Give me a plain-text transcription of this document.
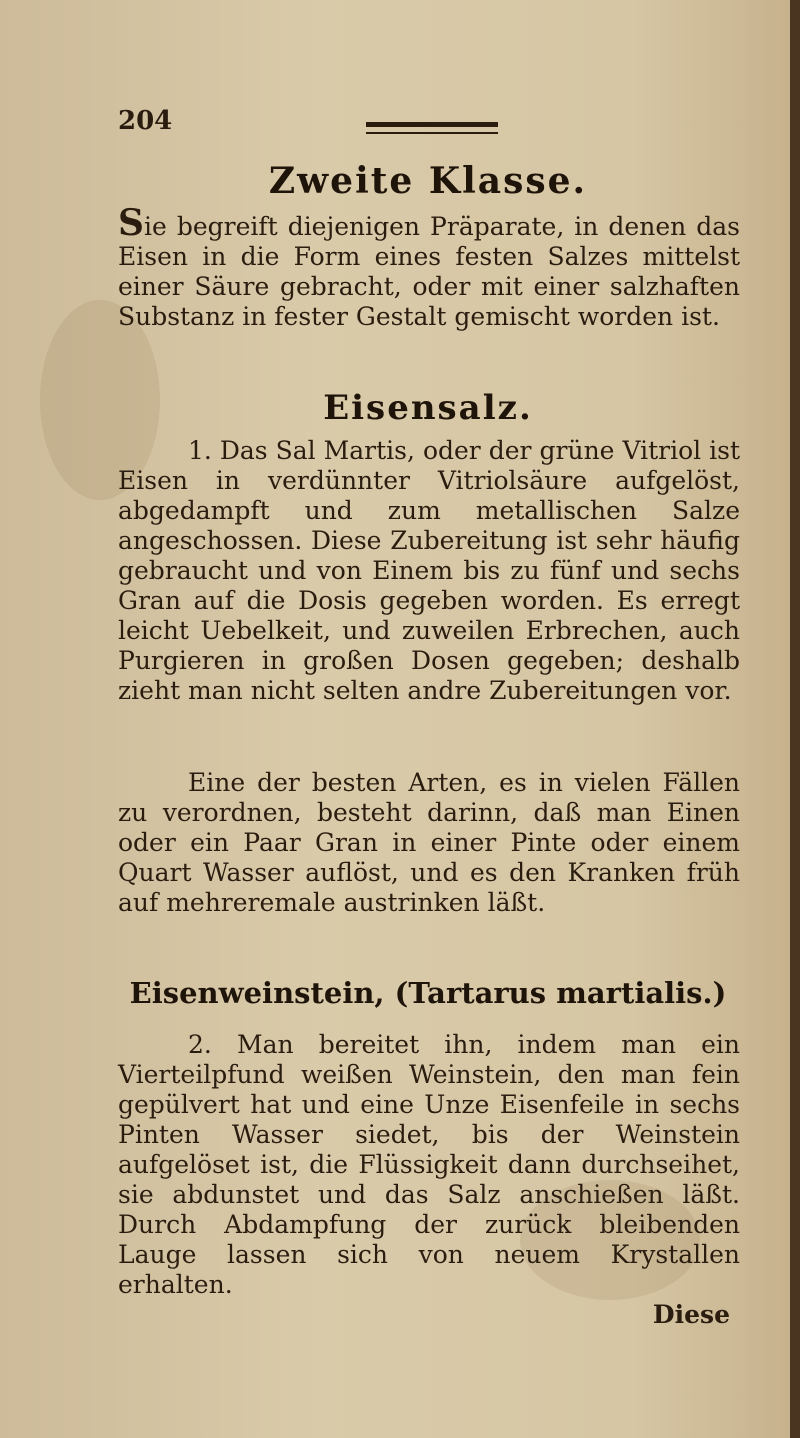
204
Zweite Klasse.

Sie begreift diejenigen Präparate, in denen das Eisen in die Form eines festen Salzes mittelst einer Säure gebracht, oder mit einer salzhaften Substanz in fester Gestalt gemischt worden ist.

Eisensalz.

1. Das Sal Martis, oder der grüne Vitriol ist Eisen in verdünnter Vitriolsäure aufgelöst, abgedampft und zum metallischen Salze angeschossen. Diese Zubereitung ist sehr häufig gebraucht und von Einem bis zu fünf und sechs Gran auf die Dosis gegeben worden. Es erregt leicht Uebelkeit, und zuweilen Erbrechen, auch Purgieren in großen Dosen gegeben; deshalb zieht man nicht selten andre Zubereitungen vor.

Eine der besten Arten, es in vielen Fällen zu verordnen, besteht darinn, daß man Einen oder ein Paar Gran in einer Pinte oder einem Quart Wasser auflöst, und es den Kranken früh auf mehreremale austrinken läßt.

Eisenweinstein, (Tartarus martialis.)

2. Man bereitet ihn, indem man ein Vierteilpfund weißen Weinstein, den man fein gepülvert hat und eine Unze Eisenfeile in sechs Pinten Wasser siedet, bis der Weinstein aufgelöset ist, die Flüssigkeit dann durchseihet, sie abdunstet und das Salz anschießen läßt. Durch Abdampfung der zurück bleibenden Lauge lassen sich von neuem Krystallen erhalten.

Diese
